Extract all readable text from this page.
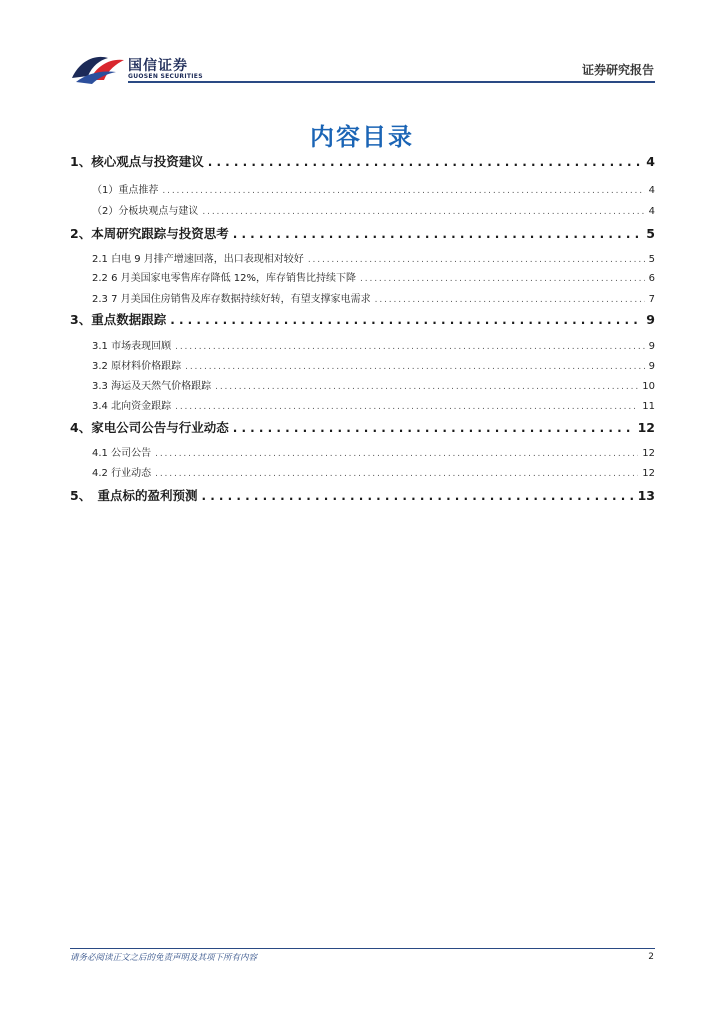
国信证券
GUOSEN SECURITIES	证券研究报告
内容目录
1、核心观点与投资建议 . . .	4
（1）重点推荐 . . .	4
（2）分板块观点与建议 . . .	4
2、本周研究跟踪与投资思考 . . .	5
2.1 白电 9 月排产增速回落，出口表现相对较好 . . .	5
2.2 6 月美国家电零售库存降低 12%，库存销售比持续下降 . . .	6
2.3 7 月美国住房销售及库存数据持续好转，有望支撑家电需求 . . .	7
3、重点数据跟踪 . . .	9
3.1 市场表现回顾 . . .	9
3.2 原材料价格跟踪 . . .	9
3.3 海运及天然气价格跟踪 . . .	10
3.4 北向资金跟踪 . . .	11
4、家电公司公告与行业动态 . . .	12
4.1 公司公告 . . .	12
4.2 行业动态 . . .	12
5、　重点标的盈利预测 . . .	13
请务必阅读正文之后的免责声明及其项下所有内容	2
